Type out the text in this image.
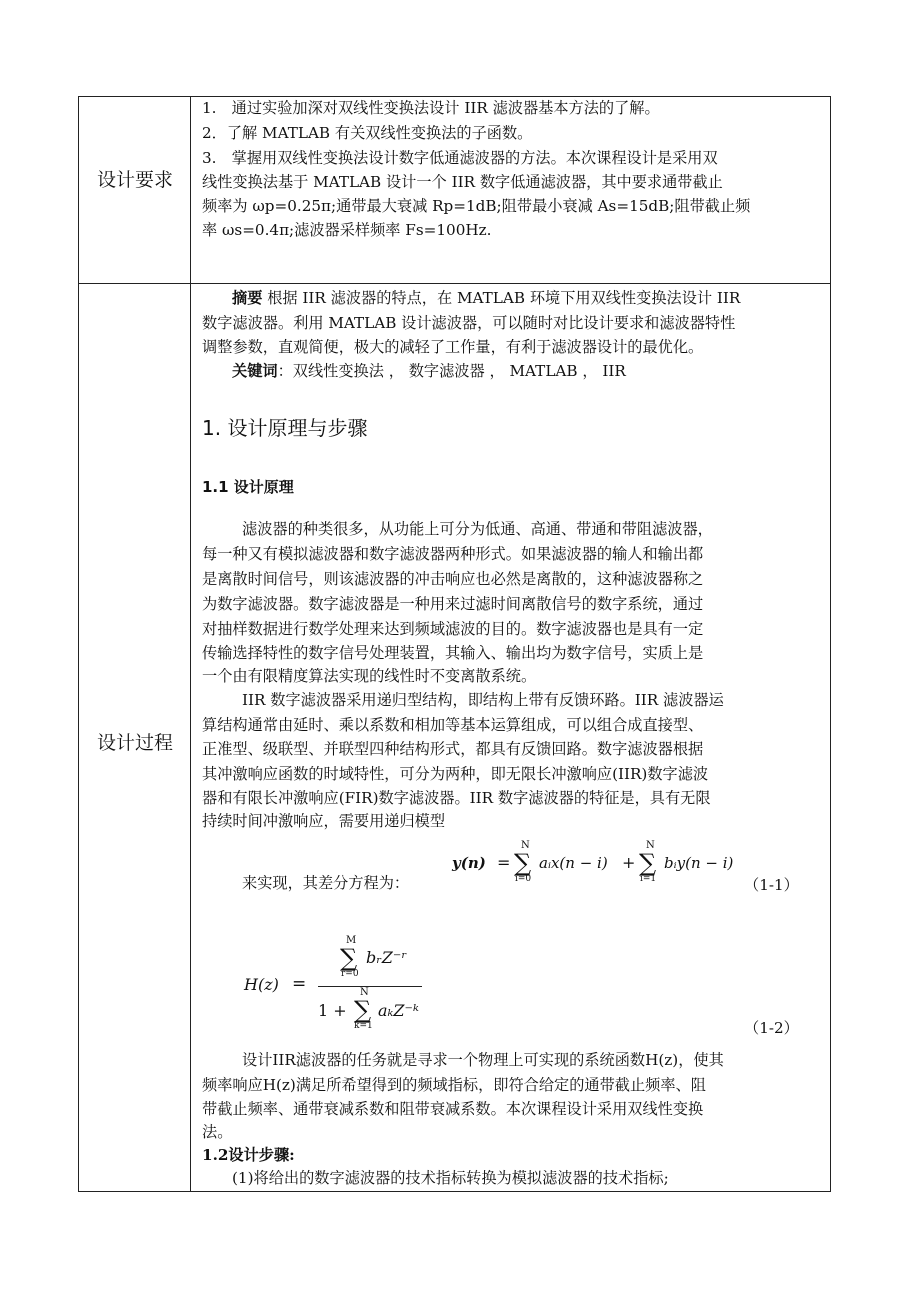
设计要求
1.　通过实验加深对双线性变换法设计 IIR 滤波器基本方法的了解。
2．了解 MATLAB 有关双线性变换法的子函数。
3.　掌握用双线性变换法设计数字低通滤波器的方法。本次课程设计是采用双
线性变换法基于 MATLAB 设计一个 IIR 数字低通滤波器，其中要求通带截止
频率为 ωp=0.25π;通带最大衰减 Rp=1dB;阻带最小衰减 As=15dB;阻带截止频
率 ωs=0.4π;滤波器采样频率 Fs=100Hz.
设计过程
摘要 根据 IIR 滤波器的特点，在 MATLAB 环境下用双线性变换法设计 IIR
数字滤波器。利用 MATLAB 设计滤波器，可以随时对比设计要求和滤波器特性
调整参数，直观简便，极大的减轻了工作量，有利于滤波器设计的最优化。
关键词：双线性变换法 ， 数字滤波器 ， MATLAB ， IIR
1. 设计原理与步骤
1.1 设计原理
滤波器的种类很多，从功能上可分为低通、高通、带通和带阻滤波器，
每一种又有模拟滤波器和数字滤波器两种形式。如果滤波器的输人和输出都
是离散时间信号，则该滤波器的冲击响应也必然是离散的，这种滤波器称之
为数字滤波器。数字滤波器是一种用来过滤时间离散信号的数字系统，通过
对抽样数据进行数学处理来达到频域滤波的目的。数字滤波器也是具有一定
传输选择特性的数字信号处理装置，其输入、输出均为数字信号，实质上是
一个由有限精度算法实现的线性时不变离散系统。
IIR 数字滤波器采用递归型结构，即结构上带有反馈环路。IIR 滤波器运
算结构通常由延时、乘以系数和相加等基本运算组成，可以组合成直接型、
正准型、级联型、并联型四种结构形式，都具有反馈回路。数字滤波器根据
其冲激响应函数的时域特性，可分为两种，即无限长冲激响应(IIR)数字滤波
器和有限长冲激响应(FIR)数字滤波器。IIR 数字滤波器的特征是，具有无限
持续时间冲激响应，需要用递归模型
来实现，其差分方程为：
y(n) =
N
∑
i=0
aᵢx(n − i) +
N
∑
i=1
bᵢy(n − i)
（1-1）
H(z) =
M
∑
r=0
bᵣZ⁻ʳ
1 +
N
∑
k=1
aₖZ⁻ᵏ
（1-2）
设计IIR滤波器的任务就是寻求一个物理上可实现的系统函数H(z)，使其
频率响应H(z)满足所希望得到的频域指标，即符合给定的通带截止频率、阻
带截止频率、通带衰减系数和阻带衰减系数。本次课程设计采用双线性变换
法。
1.2设计步骤:
(1)将给出的数字滤波器的技术指标转换为模拟滤波器的技术指标;
